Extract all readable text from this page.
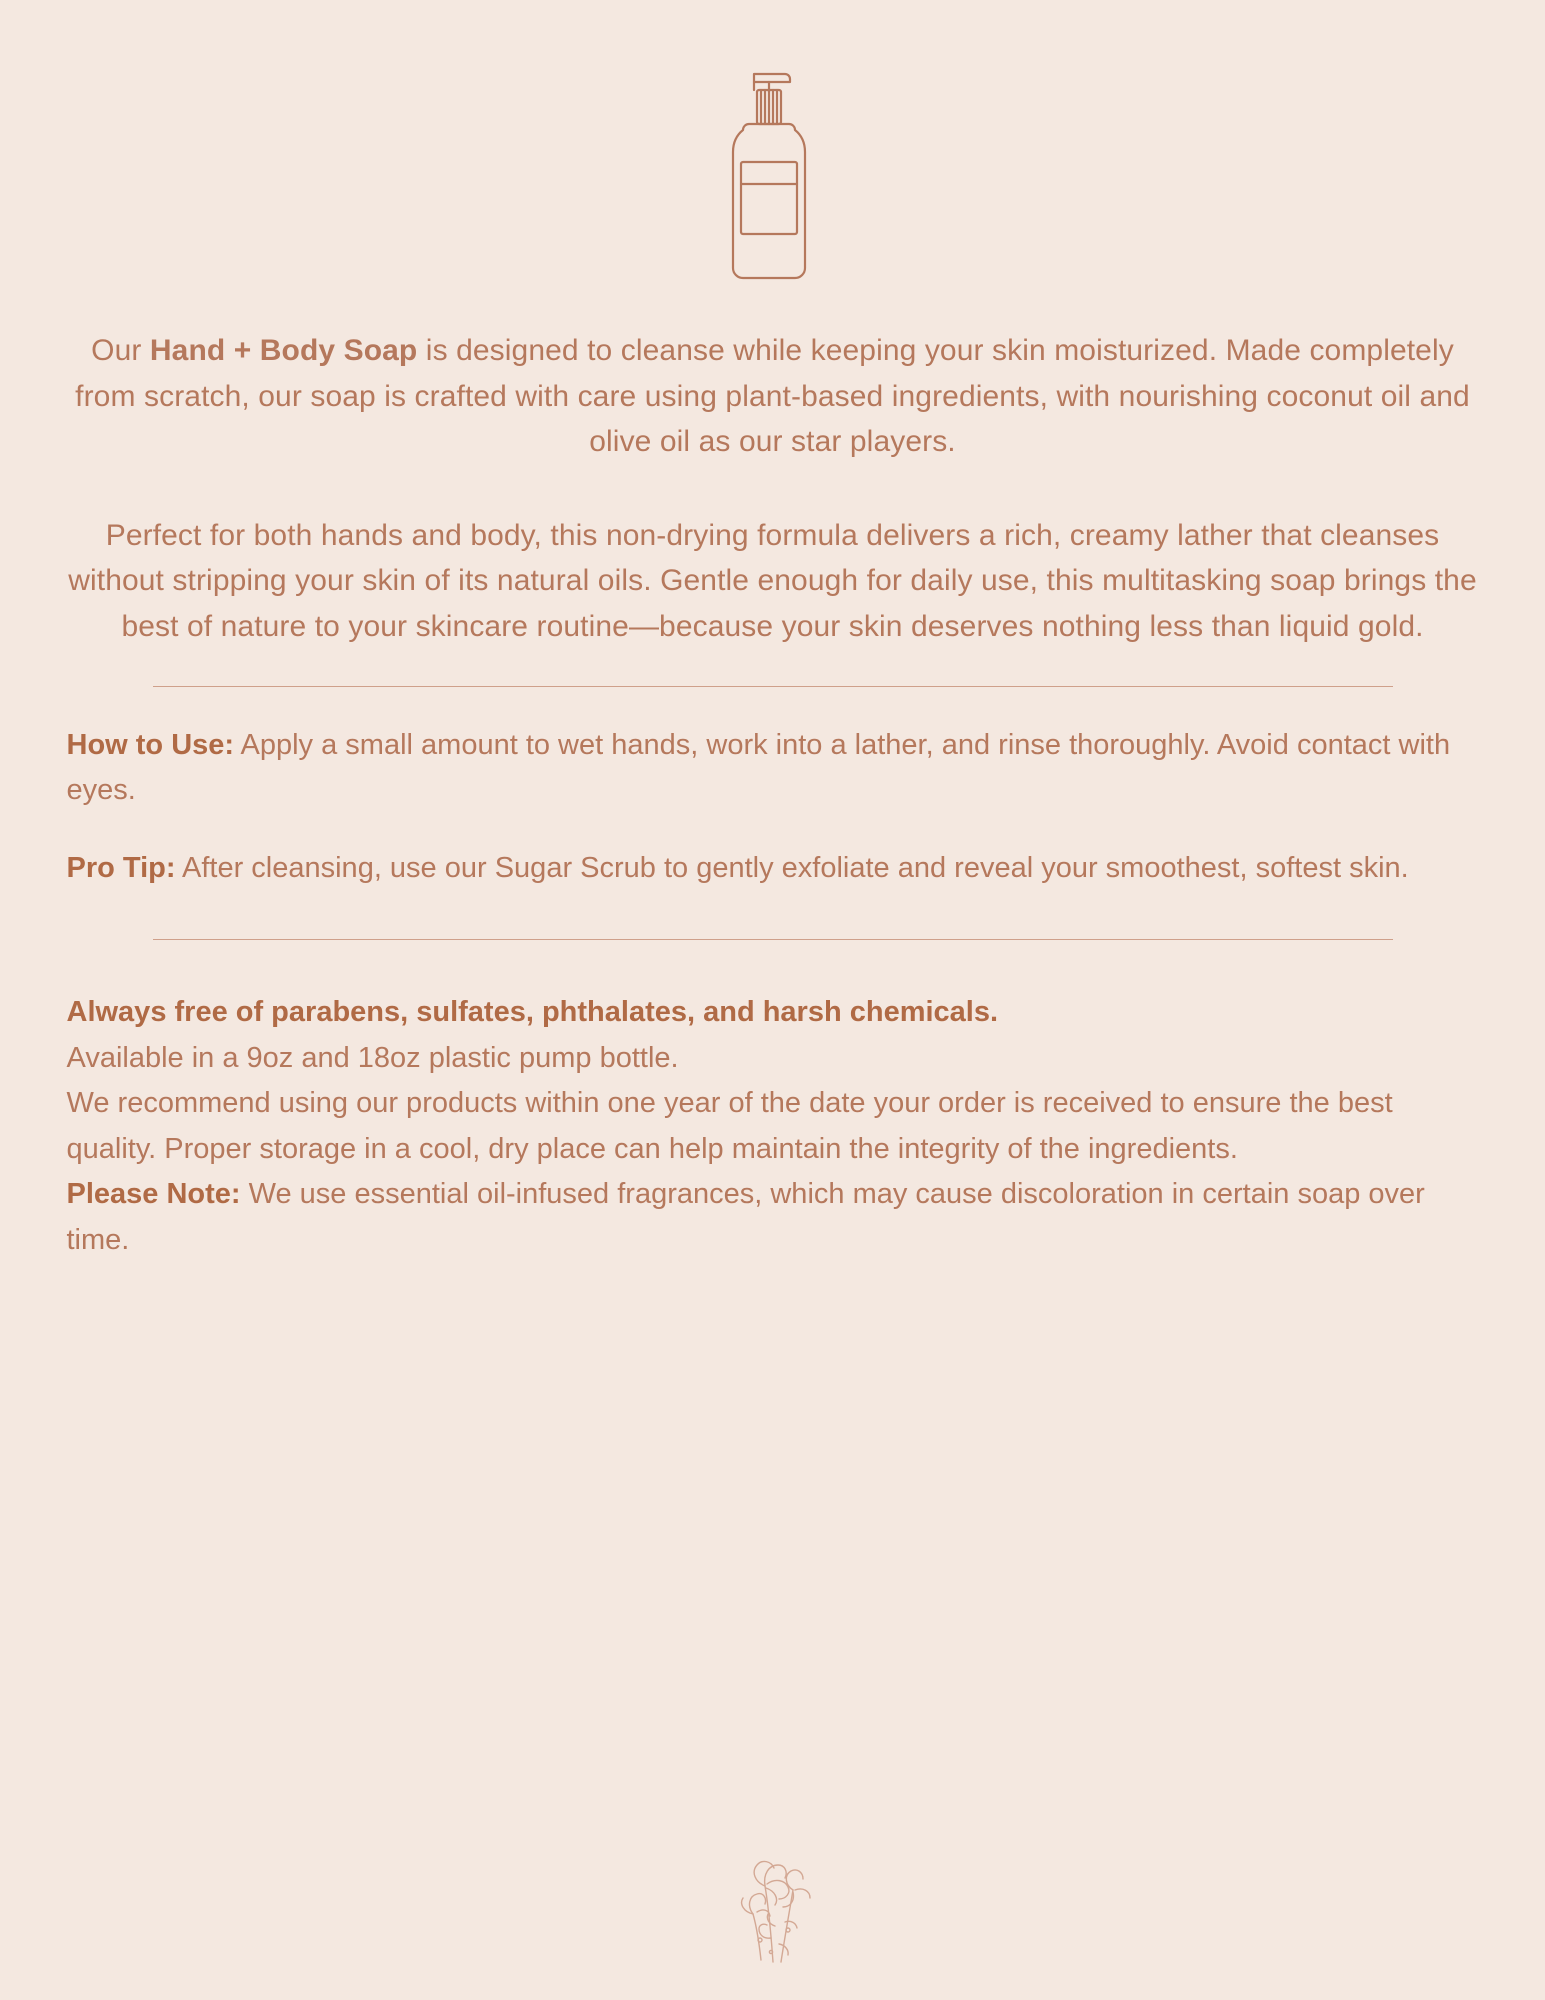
Our Hand + Body Soap is designed to cleanse while keeping your skin moisturized. Made completely from scratch, our soap is crafted with care using plant-based ingredients, with nourishing coconut oil and olive oil as our star players.

Perfect for both hands and body, this non-drying formula delivers a rich, creamy lather that cleanses without stripping your skin of its natural oils. Gentle enough for daily use, this multitasking soap brings the best of nature to your skincare routine—because your skin deserves nothing less than liquid gold.

How to Use: Apply a small amount to wet hands, work into a lather, and rinse thoroughly. Avoid contact with eyes.

Pro Tip: After cleansing, use our Sugar Scrub to gently exfoliate and reveal your smoothest, softest skin.

Always free of parabens, sulfates, phthalates, and harsh chemicals.

Available in a 9oz and 18oz plastic pump bottle.

We recommend using our products within one year of the date your order is received to ensure the best quality. Proper storage in a cool, dry place can help maintain the integrity of the ingredients.

Please Note: We use essential oil-infused fragrances, which may cause discoloration in certain soap over time.
